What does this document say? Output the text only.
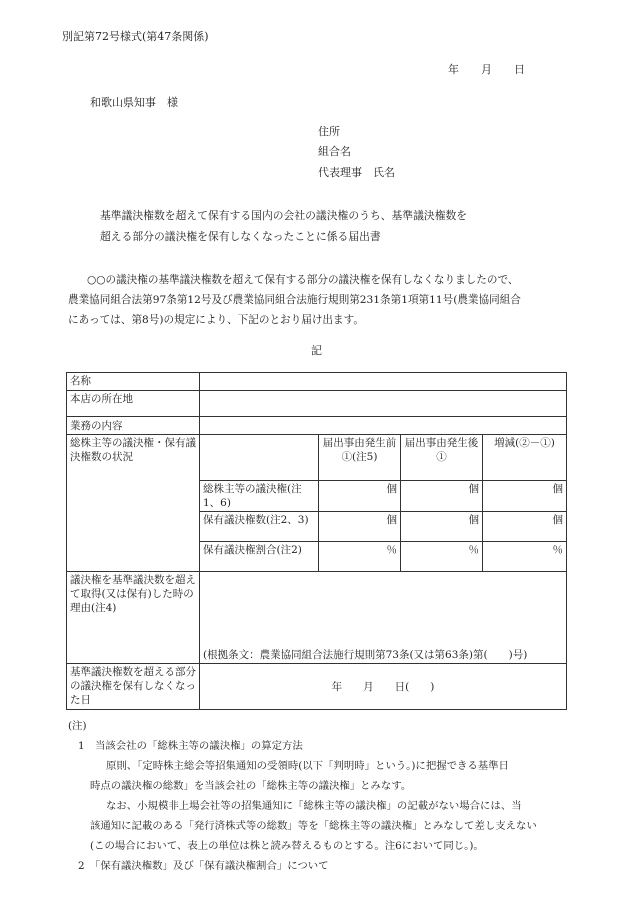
別記第72号様式(第47条関係)
年　　月　　日
和歌山県知事　様
住所
組合名
代表理事　氏名
基準議決権数を超えて保有する国内の会社の議決権のうち、基準議決権数を
超える部分の議決権を保有しなくなったことに係る届出書
○○の議決権の基準議決権数を超えて保有する部分の議決権を保有しなくなりましたので、
農業協同組合法第97条第12号及び農業協同組合法施行規則第231条第1項第11号(農業協同組合
にあっては、第8号)の規定により、下記のとおり届け出ます。
記
名称				
本店の所在地				
業務の内容				
総株主等の議決権・保有議決権数の状況		届出事由発生前①(注5)	届出事由発生後①	増減(②－①)
	総株主等の議決権(注1、6)	個	個	個
	保有議決権数(注2、3)	個	個	個
	保有議決権割合(注2)	％	％	％
議決権を基準議決数を超えて取得(又は保有)した時の理由(注4)	(根拠条文：農業協同組合法施行規則第73条(又は第63条)第(　　)号)			
基準議決権数を超える部分の議決権を保有しなくなった日	年　　月　　日(　　)			
(注)
1　当該会社の「総株主等の議決権」の算定方法
原則、「定時株主総会等招集通知の受領時(以下「判明時」という。)に把握できる基準日
時点の議決権の総数」を当該会社の「総株主等の議決権」とみなす。
なお、小規模非上場会社等の招集通知に「総株主等の議決権」の記載がない場合には、当
該通知に記載のある「発行済株式等の総数」等を「総株主等の議決権」とみなして差し支えない
(この場合において、表上の単位は株と読み替えるものとする。注6において同じ。)。
2　「保有議決権数」及び「保有議決権割合」について
